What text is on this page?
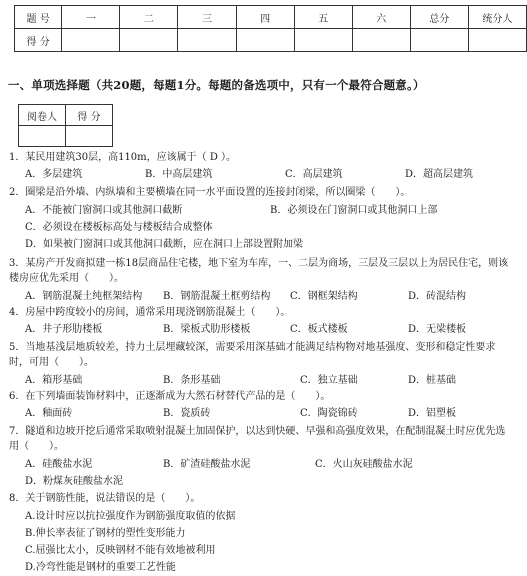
题 号	一	二	三	四	五	六	总分	统分人
得 分								
一、单项选择题（共20题，每题1分。每题的备选项中，只有一个最符合题意。）
阅卷人	得 分

1．某民用建筑30层，高110m，应该属于（ D ）。
A．多层建筑	B．中高层建筑	C．高层建筑	D．超高层建筑
2．圈梁是沿外墙、内纵墙和主要横墙在同一水平面设置的连接封闭梁，所以圈梁（　　）。
A．不能被门窗洞口或其他洞口截断	B．必须设在门窗洞口或其他洞口上部
C．必须设在楼板标高处与楼板结合成整体
D．如果被门窗洞口或其他洞口截断，应在洞口上部设置附加梁
3．某房产开发商拟建一栋18层商品住宅楼，地下室为车库，一、二层为商场，三层及三层以上为居民住宅，则该楼房应优先采用（　　）。
A．钢筋混凝土纯框架结构 B．钢筋混凝土框剪结构 C．钢框架结构	D．砖混结构
4．房屋中跨度较小的房间，通常采用现浇钢筋混凝土（　　）。
A．井子形肋楼板	B．梁板式肋形楼板	C．板式楼板	D．无梁楼板
5．当地基浅层地质较差，持力土层埋藏较深，需要采用深基础才能满足结构物对地基强度、变形和稳定性要求时，可用（　　）。
A．箱形基础	B．条形基础	C．独立基础	D．桩基础
6．在下列墙面装饰材料中，正逐渐成为大然石材替代产品的是（　　）。
A．釉面砖	B．瓷质砖	C．陶瓷锦砖	D．铝塑板
7．隧道和边坡开挖后通常采取喷射混凝土加固保护，以达到快硬、早强和高强度效果，在配制混凝土时应优先选用（　　）。
A．硅酸盐水泥	B．矿渣硅酸盐水泥	C．火山灰硅酸盐水泥
D．粉煤灰硅酸盐水泥
8．关于钢筋性能，说法错误的是（　　）。
A.设计时应以抗拉强度作为钢筋强度取值的依据
B.伸长率表征了钢材的塑性变形能力
C.屈强比太小，反映钢材不能有效地被利用
D.冷弯性能是钢材的重要工艺性能
